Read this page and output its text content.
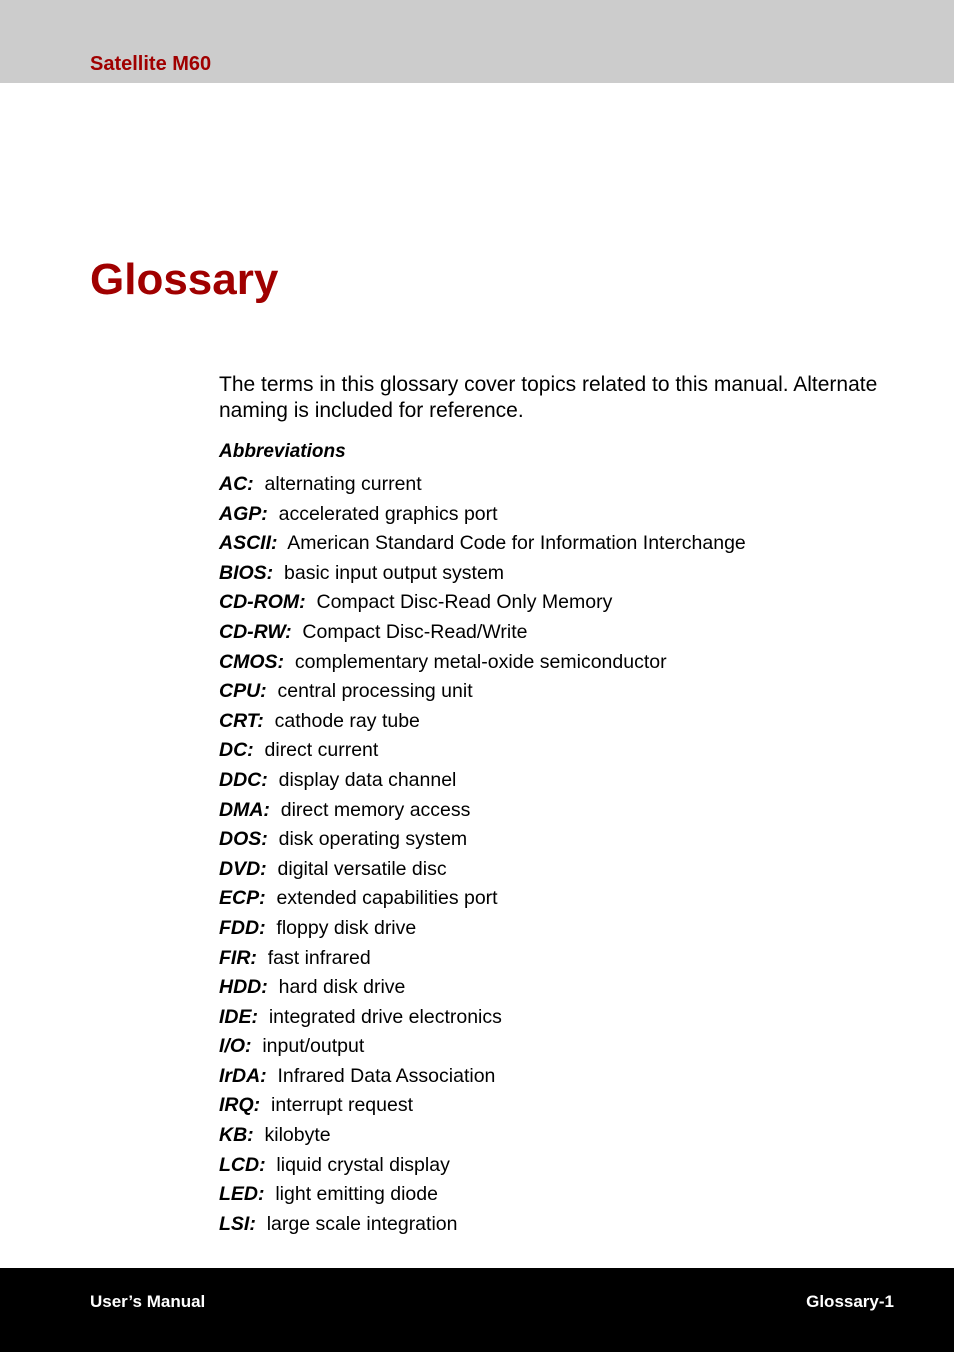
Satellite M60
Glossary
The terms in this glossary cover topics related to this manual. Alternate naming is included for reference.
Abbreviations
AC: alternating current
AGP: accelerated graphics port
ASCII: American Standard Code for Information Interchange
BIOS: basic input output system
CD-ROM: Compact Disc-Read Only Memory
CD-RW: Compact Disc-Read/Write
CMOS: complementary metal-oxide semiconductor
CPU: central processing unit
CRT: cathode ray tube
DC: direct current
DDC: display data channel
DMA: direct memory access
DOS: disk operating system
DVD: digital versatile disc
ECP: extended capabilities port
FDD: floppy disk drive
FIR: fast infrared
HDD: hard disk drive
IDE: integrated drive electronics
I/O: input/output
IrDA: Infrared Data Association
IRQ: interrupt request
KB: kilobyte
LCD: liquid crystal display
LED: light emitting diode
LSI: large scale integration
User’s Manual	Glossary-1
